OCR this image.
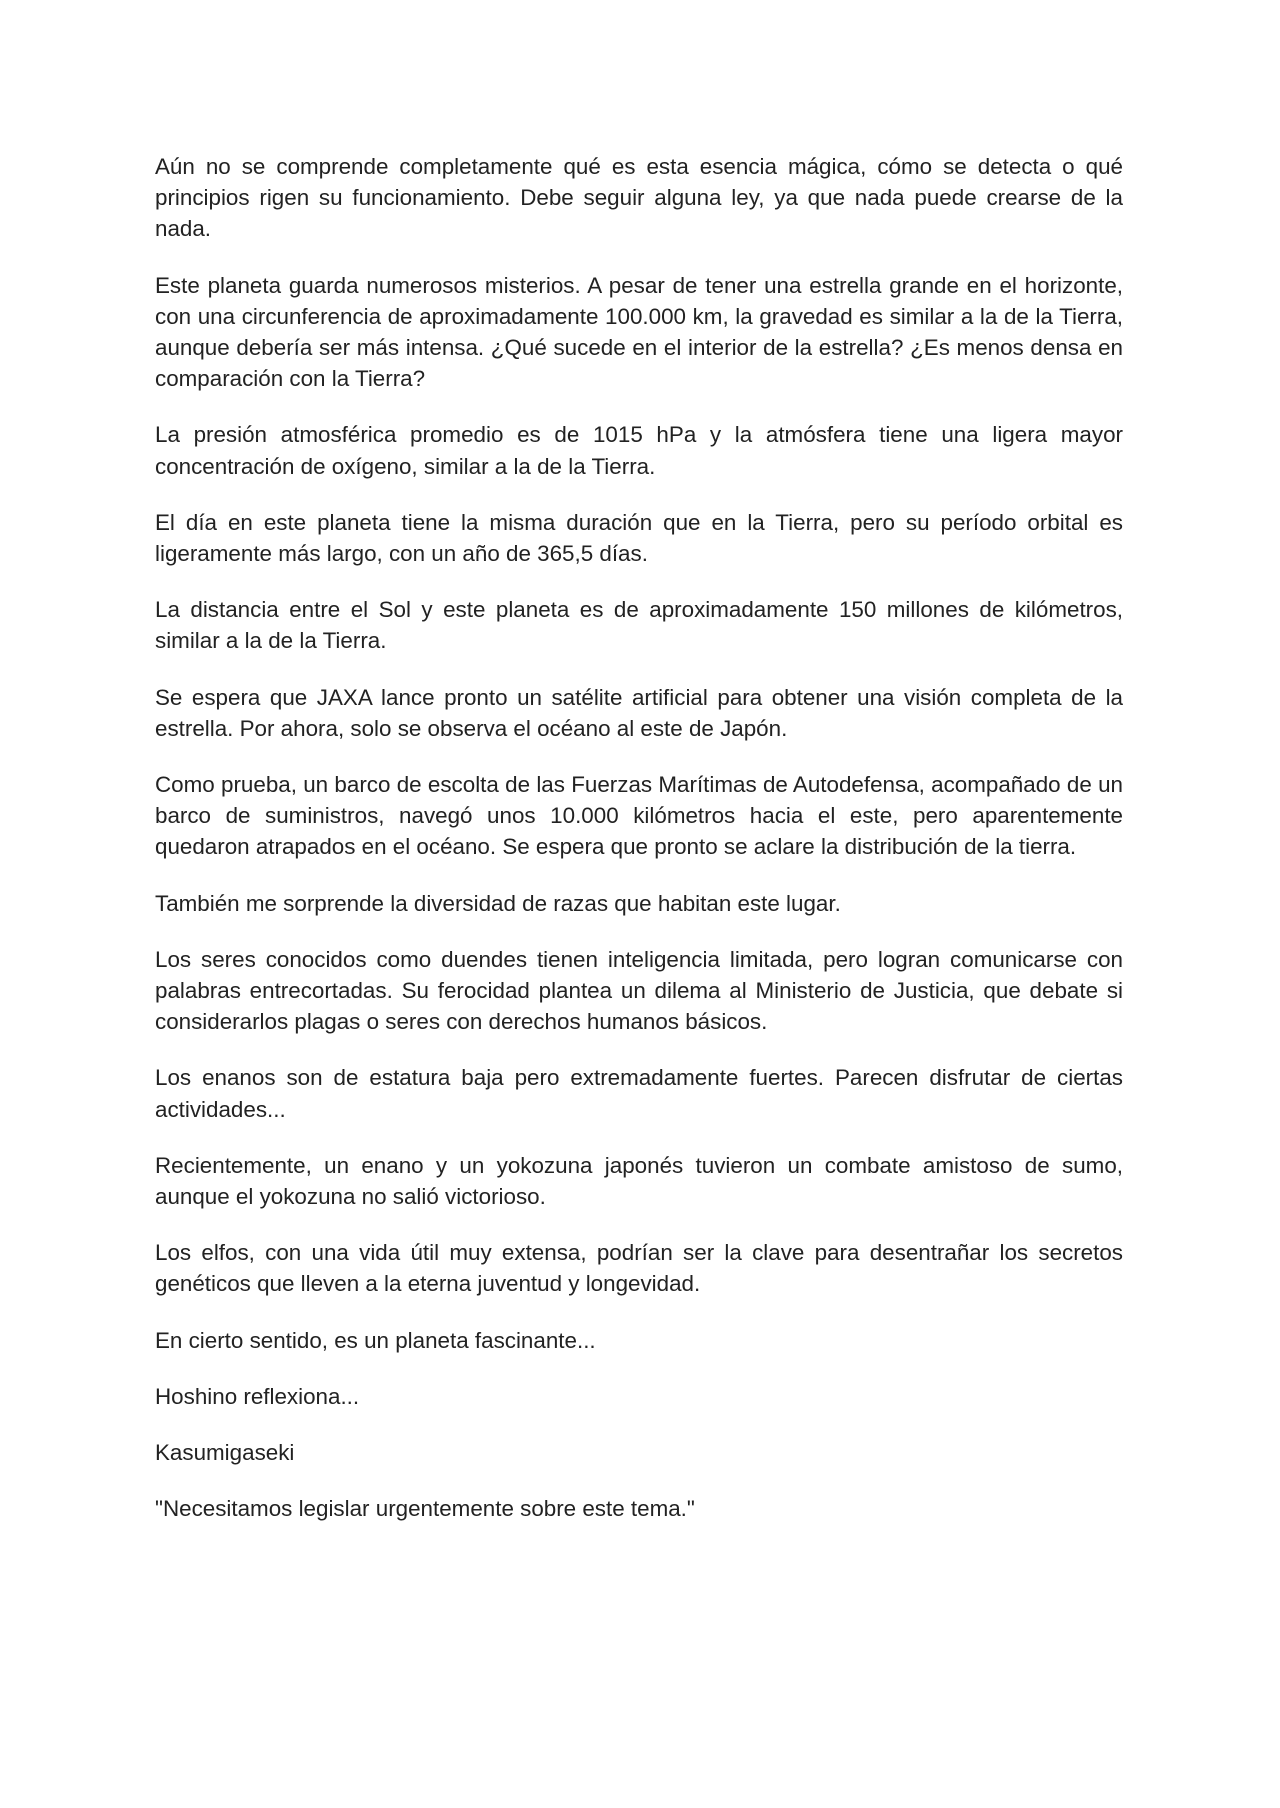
Aún no se comprende completamente qué es esta esencia mágica, cómo se detecta o qué principios rigen su funcionamiento. Debe seguir alguna ley, ya que nada puede crearse de la nada.

Este planeta guarda numerosos misterios. A pesar de tener una estrella grande en el horizonte, con una circunferencia de aproximadamente 100.000 km, la gravedad es similar a la de la Tierra, aunque debería ser más intensa. ¿Qué sucede en el interior de la estrella? ¿Es menos densa en comparación con la Tierra?

La presión atmosférica promedio es de 1015 hPa y la atmósfera tiene una ligera mayor concentración de oxígeno, similar a la de la Tierra.

El día en este planeta tiene la misma duración que en la Tierra, pero su período orbital es ligeramente más largo, con un año de 365,5 días.

La distancia entre el Sol y este planeta es de aproximadamente 150 millones de kilómetros, similar a la de la Tierra.

Se espera que JAXA lance pronto un satélite artificial para obtener una visión completa de la estrella. Por ahora, solo se observa el océano al este de Japón.

Como prueba, un barco de escolta de las Fuerzas Marítimas de Autodefensa, acompañado de un barco de suministros, navegó unos 10.000 kilómetros hacia el este, pero aparentemente quedaron atrapados en el océano. Se espera que pronto se aclare la distribución de la tierra.

También me sorprende la diversidad de razas que habitan este lugar.

Los seres conocidos como duendes tienen inteligencia limitada, pero logran comunicarse con palabras entrecortadas. Su ferocidad plantea un dilema al Ministerio de Justicia, que debate si considerarlos plagas o seres con derechos humanos básicos.

Los enanos son de estatura baja pero extremadamente fuertes. Parecen disfrutar de ciertas actividades...

Recientemente, un enano y un yokozuna japonés tuvieron un combate amistoso de sumo, aunque el yokozuna no salió victorioso.

Los elfos, con una vida útil muy extensa, podrían ser la clave para desentrañar los secretos genéticos que lleven a la eterna juventud y longevidad.

En cierto sentido, es un planeta fascinante...

Hoshino reflexiona...

Kasumigaseki

"Necesitamos legislar urgentemente sobre este tema."
